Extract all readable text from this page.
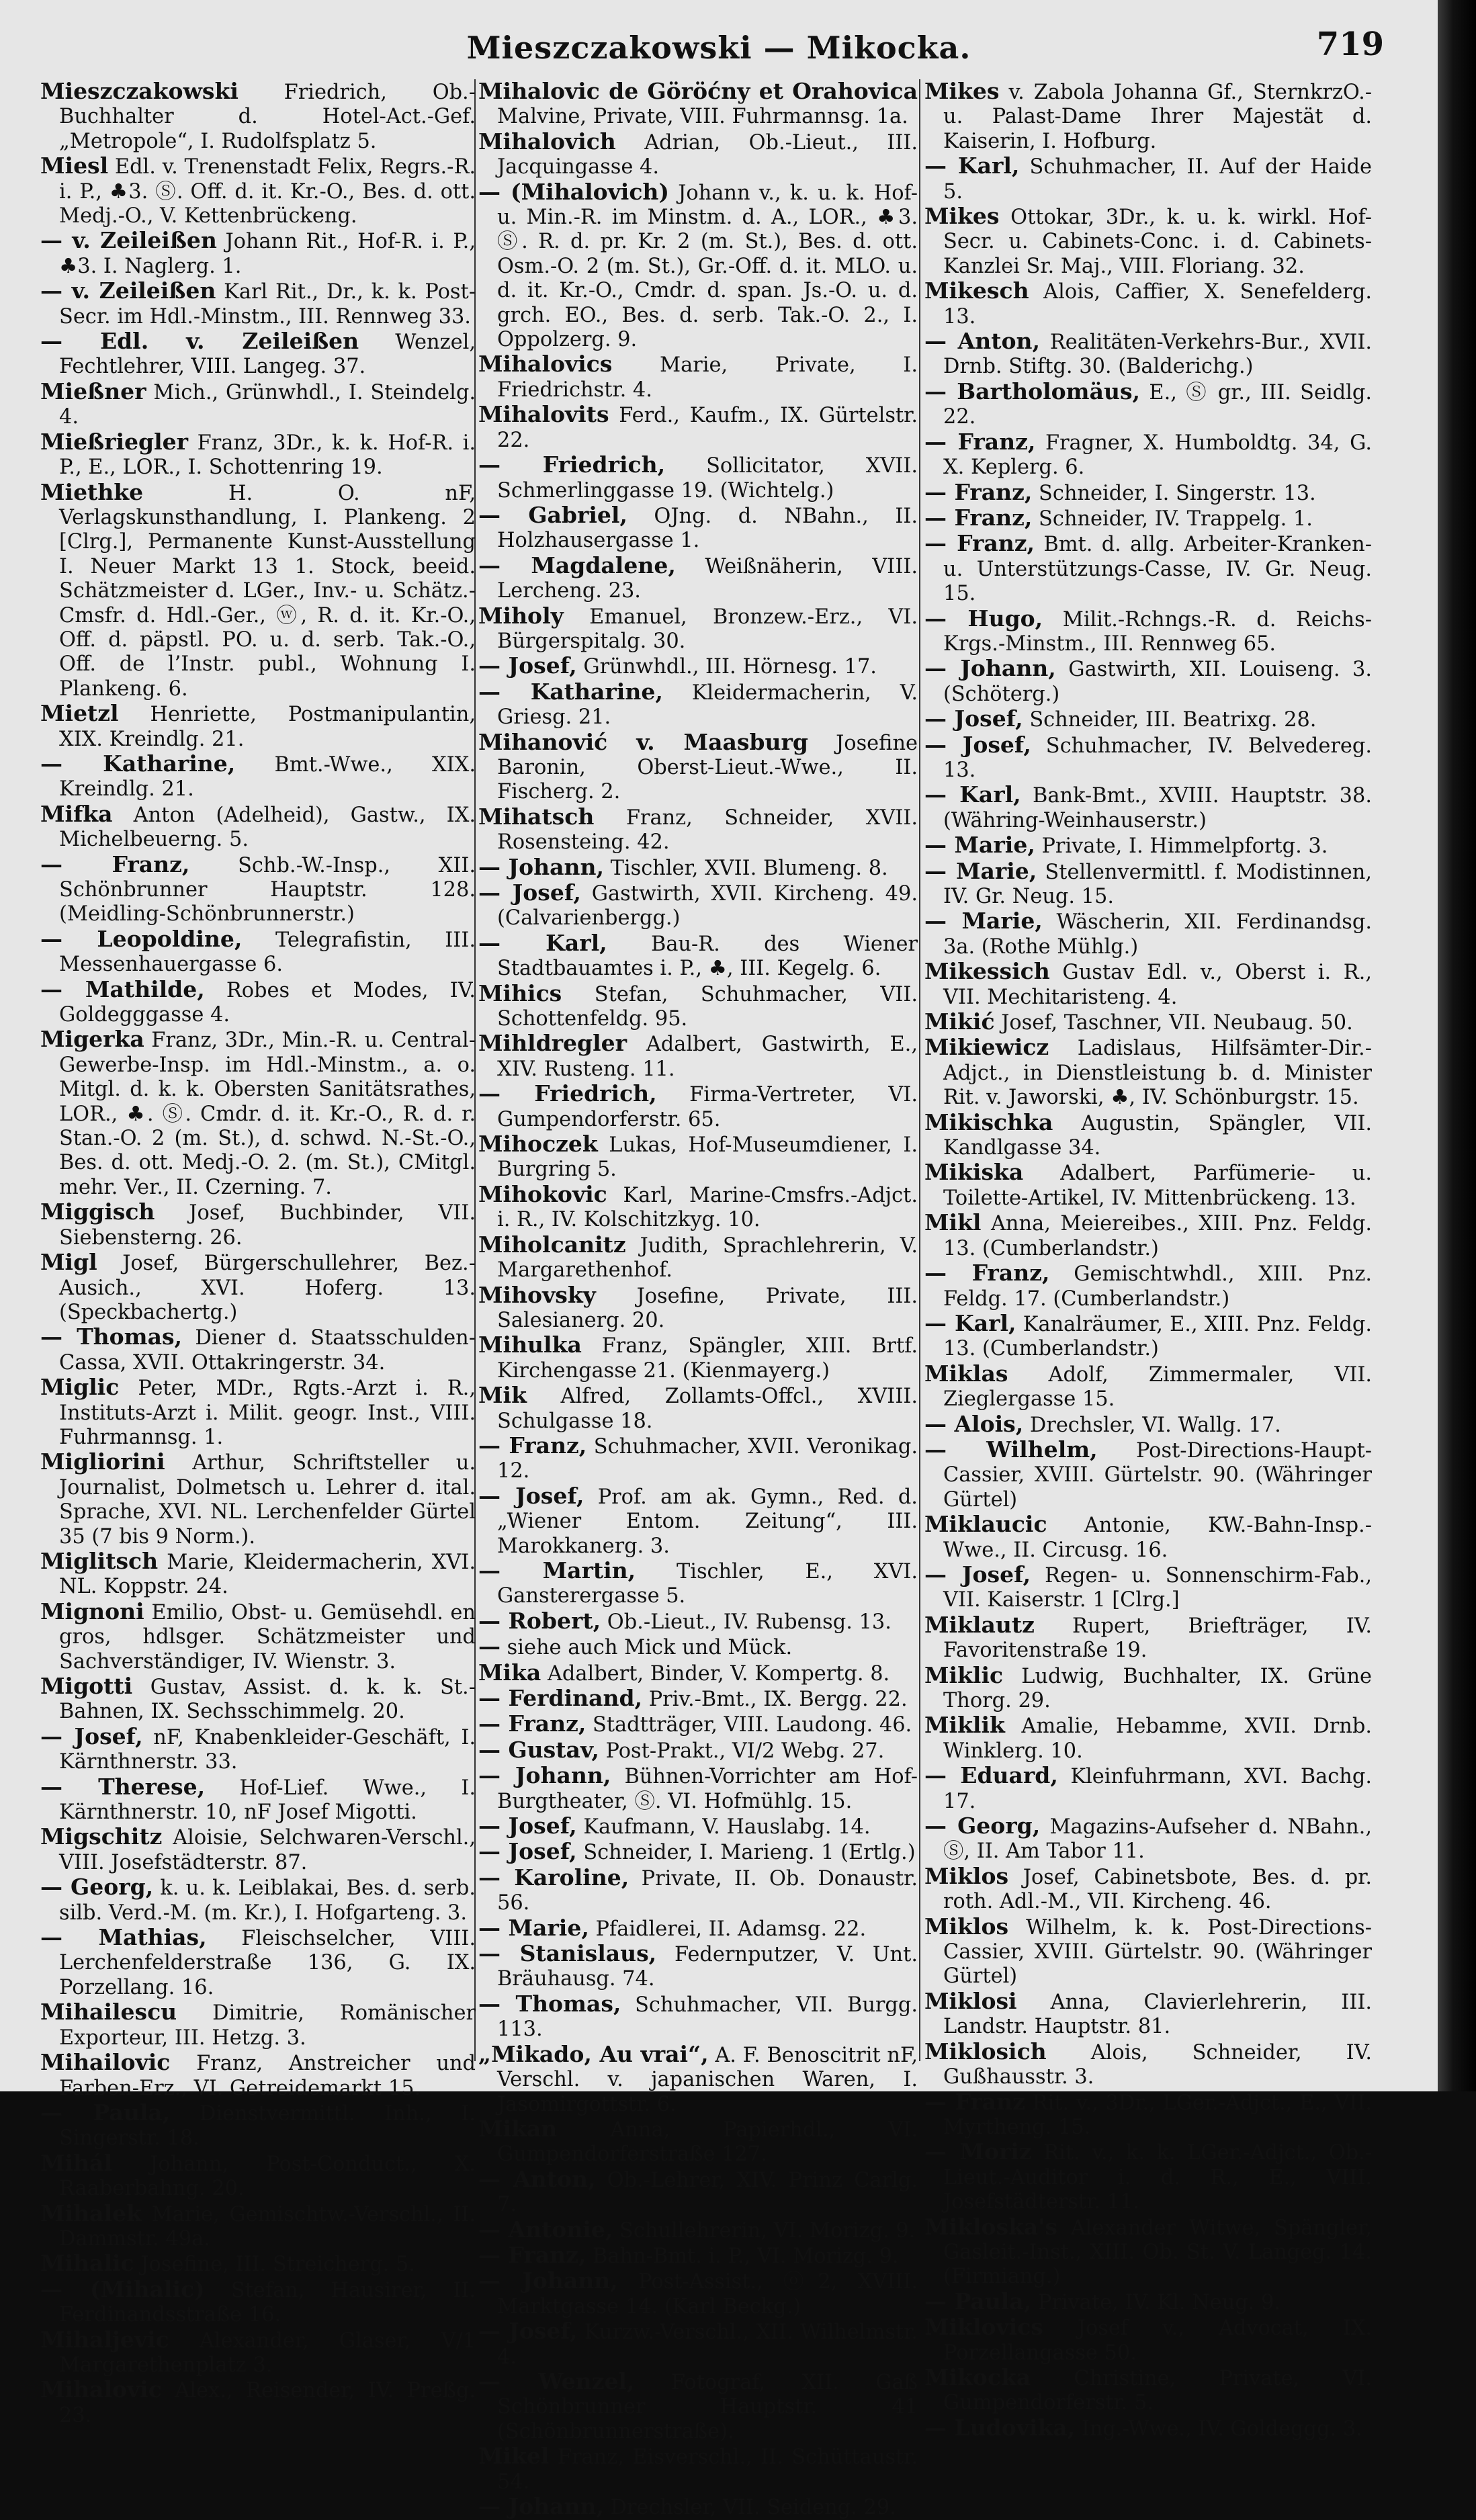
Mieszczakowski — Mikocka.	719

Mieszczakowski Friedrich, Ob.-Buchhalter d. Hotel-Act.-Gef. „Metropole“, I. Rudolfsplatz 5.

Miesl Edl. v. Trenenstadt Felix, Regrs.-R. i. P., ♣3. Ⓢ. Off. d. it. Kr.-O., Bes. d. ott. Medj.-O., V. Kettenbrückeng.

— v. Zeileißen Johann Rit., Hof-R. i. P., ♣3. I. Naglerg. 1.

— v. Zeileißen Karl Rit., Dr., k. k. Post-Secr. im Hdl.-Minstm., III. Rennweg 33.

— Edl. v. Zeileißen Wenzel, Fechtlehrer, VIII. Langeg. 37.

Mießner Mich., Grünwhdl., I. Steindelg. 4.

Mießriegler Franz, 3Dr., k. k. Hof-R. i. P., E., LOR., I. Schottenring 19.

Miethke	H. O. nF, Verlagskunsthandlung, I. Plankeng. 2 [Clrg.], Permanente Kunst-Ausstellung I. Neuer Markt 13 1. Stock, beeid. Schätzmeister d. LGer., Inv.- u. Schätz.-Cmsfr. d. Hdl.-Ger., ⓦ, R. d. it. Kr.-O., Off. d. päpstl. PO. u. d. serb. Tak.-O., Off. de l’Instr. publ., Wohnung I. Plankeng. 6.

Mietzl Henriette, Postmanipulantin, XIX. Kreindlg. 21.

— Katharine, Bmt.-Wwe., XIX. Kreindlg. 21.

Mifka Anton (Adelheid), Gastw., IX. Michelbeuerng. 5.

— Franz, Schb.-W.-Insp., XII. Schönbrunner Hauptstr. 128. (Meidling-Schönbrunnerstr.)

— Leopoldine, Telegrafistin, III. Messenhauergasse 6.

— Mathilde, Robes et Modes, IV. Goldegggasse 4.

Migerka Franz, 3Dr., Min.-R. u. Central-Gewerbe-Insp. im Hdl.-Minstm., a. o. Mitgl. d. k. k. Obersten Sanitätsrathes, LOR., ♣. Ⓢ. Cmdr. d. it. Kr.-O., R. d. r. Stan.-O. 2 (m. St.), d. schwd. N.-St.-O., Bes. d. ott. Medj.-O. 2. (m. St.), CMitgl. mehr. Ver., II. Czerning. 7.

Miggisch Josef, Buchbinder, VII. Siebensterng. 26.

Migl Josef, Bürgerschullehrer, Bez.-Ausich., XVI. Hoferg. 13. (Speckbachertg.)

— Thomas, Diener d. Staatsschulden-Cassa, XVII. Ottakringerstr. 34.

Miglic Peter, MDr., Rgts.-Arzt i. R., Instituts-Arzt i. Milit. geogr. Inst., VIII. Fuhrmannsg. 1.

Migliorini Arthur, Schriftsteller u. Journalist, Dolmetsch u. Lehrer d. ital. Sprache, XVI. NL. Lerchenfelder Gürtel 35 (7 bis 9 Norm.).

Miglitsch Marie, Kleidermacherin, XVI. NL. Koppstr. 24.

Mignoni Emilio, Obst- u. Gemüsehdl. en gros, hdlsger. Schätzmeister und Sachverständiger, IV. Wienstr. 3.

Migotti Gustav, Assist. d. k. k. St.-Bahnen, IX. Sechsschimmelg. 20.

— Josef, nF, Knabenkleider-Geschäft, I. Kärnthnerstr. 33.

— Therese, Hof-Lief. Wwe., I. Kärnthnerstr. 10, nF Josef Migotti.

Migschitz Aloisie, Selchwaren-Verschl., VIII. Josefstädterstr. 87.

— Georg, k. u. k. Leiblakai, Bes. d. serb. silb. Verd.-M. (m. Kr.), I. Hofgarteng. 3.

— Mathias, Fleischselcher, VIII. Lerchenfelderstraße 136, G. IX. Porzellang. 16.

Mihailescu Dimitrie, Romänischer Exporteur, III. Hetzg. 3.

Mihailovic Franz, Anstreicher und Farben-Erz., VI. Getreidemarkt 15.

— Paula, Dienstvermittl. Inh., I. Singerstr. 18.

Mihál Johann, Post-Conduct., X. Raaberbahng. 20.

Mihalek Marie, Gemischtw.-Verschl., II. Dammstr. 49a.

Mihalic Josefine, III. Streicherg. 5.

— (Mihalic) Stefan, Hausirer, II. Ferdinandsstraße 16.

Mihaljevic Alexander, Glaser, V/1 Margarethenplatz 3.

Mihalovic Alex., Reisender, IV. Preßg. 23.

Mihalovic de Göröćny et Orahovica Malvine, Private, VIII. Fuhrmannsg. 1a.

Mihalovich Adrian, Ob.-Lieut., III. Jacquingasse 4.

— (Mihalovich) Johann v., k. u. k. Hof- u. Min.-R. im Minstm. d. A., LOR., ♣3. Ⓢ. R. d. pr. Kr. 2 (m. St.), Bes. d. ott. Osm.-O. 2 (m. St.), Gr.-Off. d. it. MLO. u. d. it. Kr.-O., Cmdr. d. span. Js.-O. u. d. grch. EO., Bes. d. serb. Tak.-O. 2., I. Oppolzerg. 9.

Mihalovics Marie, Private, I. Friedrichstr. 4.

Mihalovits Ferd., Kaufm., IX. Gürtelstr. 22.

— Friedrich, Sollicitator, XVII. Schmerlinggasse 19. (Wichtelg.)

— Gabriel, OJng. d. NBahn., II. Holzhausergasse 1.

— Magdalene, Weißnäherin, VIII. Lercheng. 23.

Miholy Emanuel, Bronzew.-Erz., VI. Bürgerspitalg. 30.

— Josef, Grünwhdl., III. Hörnesg. 17.

— Katharine, Kleidermacherin, V. Griesg. 21.

Mihanović v. Maasburg Josefine Baronin, Oberst-Lieut.-Wwe., II. Fischerg. 2.

Mihatsch Franz, Schneider, XVII. Rosensteing. 42.

— Johann, Tischler, XVII. Blumeng. 8.

— Josef, Gastwirth, XVII. Kircheng. 49. (Calvarienbergg.)

— Karl, Bau-R. des Wiener Stadtbauamtes i. P., ♣, III. Kegelg. 6.

Mihics Stefan, Schuhmacher, VII. Schottenfeldg. 95.

Mihldregler Adalbert, Gastwirth, E., XIV. Rusteng. 11.

— Friedrich, Firma-Vertreter, VI. Gumpendorferstr. 65.

Mihoczek Lukas, Hof-Museumdiener, I. Burgring 5.

Mihokovic Karl, Marine-Cmsfrs.-Adjct. i. R., IV. Kolschitzkyg. 10.

Miholcanitz Judith, Sprachlehrerin, V. Margarethenhof.

Mihovsky Josefine, Private, III. Salesianerg. 20.

Mihulka Franz, Spängler, XIII. Brtf. Kirchengasse 21. (Kienmayerg.)

Mik Alfred, Zollamts-Offcl., XVIII. Schulgasse 18.

— Franz, Schuhmacher, XVII. Veronikag. 12.

— Josef, Prof. am ak. Gymn., Red. d. „Wiener Entom. Zeitung“, III. Marokkanerg. 3.

— Martin, Tischler, E., XVI. Gansterergasse 5.

— Robert, Ob.-Lieut., IV. Rubensg. 13.

— siehe auch Mick und Mück.

Mika Adalbert, Binder, V. Kompertg. 8.

— Ferdinand, Priv.-Bmt., IX. Bergg. 22.

— Franz, Stadtträger, VIII. Laudong. 46.

— Gustav, Post-Prakt., VI/2 Webg. 27.

— Johann, Bühnen-Vorrichter am Hof-Burgtheater, Ⓢ. VI. Hofmühlg. 15.

— Josef, Kaufmann, V. Hauslabg. 14.

— Josef, Schneider, I. Marieng. 1 (Ertlg.)

— Karoline, Private, II. Ob. Donaustr. 56.

— Marie, Pfaidlerei, II. Adamsg. 22.

— Stanislaus, Federnputzer, V. Unt. Bräuhausg. 74.

— Thomas, Schuhmacher, VII. Burgg. 113.

„Mikado, Au vrai“, A. F. Benoscitrit nF, Verschl. v. japanischen Waren, I. Jasomirgottstr. 6.

Mikan	Anna, Papierhdl., VI. Gumpendorferstraße 127.

— Anton, Ob.-Lehrer, XIV. Prinz Carlg. 7.

— Antonie, Schullehrerin, VI. Morizg. 9.

— Franz, Bahn-Bmt. i. P., VI. Morizg. 9.

— Johann, Post-Assist., ⓞ2, XVIII. Marktgasse 14. (Karl Beckg.)

— Josef, Kurzw.-Verschl., XII. Wilhelmstr. 4.

— Wenzel, Fotograf, XII. Gaß Schönbrunner Hauptstr. 41 (Schönbrunnerstraße).

Mikel Franz, Eisverschl., II. Schüttaustr. 54.

— Johann, Drechsler, VII. Seideng. 29.

Mikes v. Zabola Johanna Gf., SternkrzO.-u. Palast-Dame Ihrer Majestät d. Kaiserin, I. Hofburg.

— Karl, Schuhmacher, II. Auf der Haide 5.

Mikes Ottokar, 3Dr., k. u. k. wirkl. Hof-Secr. u. Cabinets-Conc. i. d. Cabinets-Kanzlei Sr. Maj., VIII. Floriang. 32.

Mikesch Alois, Caffier, X. Senefelderg. 13.

— Anton, Realitäten-Verkehrs-Bur., XVII. Drnb. Stiftg. 30. (Balderichg.)

— Bartholomäus, E., Ⓢ gr., III. Seidlg. 22.

— Franz, Fragner, X. Humboldtg. 34, G. X. Keplerg. 6.

— Franz, Schneider, I. Singerstr. 13.

— Franz, Schneider, IV. Trappelg. 1.

— Franz, Bmt. d. allg. Arbeiter-Kranken- u. Unterstützungs-Casse, IV. Gr. Neug. 15.

— Hugo, Milit.-Rchngs.-R. d. Reichs-Krgs.-Minstm., III. Rennweg 65.

— Johann, Gastwirth, XII. Louiseng. 3. (Schöterg.)

— Josef, Schneider, III. Beatrixg. 28.

— Josef, Schuhmacher, IV. Belvedereg. 13.

— Karl, Bank-Bmt., XVIII. Hauptstr. 38. (Währing-Weinhauserstr.)

— Marie, Private, I. Himmelpfortg. 3.

— Marie, Stellenvermittl. f. Modistinnen, IV. Gr. Neug. 15.

— Marie, Wäscherin, XII. Ferdinandsg. 3a. (Rothe Mühlg.)

Mikessich Gustav Edl. v., Oberst i. R., VII. Mechitaristeng. 4.

Mikić Josef, Taschner, VII. Neubaug. 50.

Mikiewicz Ladislaus, Hilfsämter-Dir.-Adjct., in Dienstleistung b. d. Minister Rit. v. Jaworski, ♣, IV. Schönburgstr. 15.

Mikischka Augustin, Spängler, VII. Kandlgasse 34.

Mikiska Adalbert, Parfümerie- u. Toilette-Artikel, IV. Mittenbrückeng. 13.

Mikl Anna, Meiereibes., XIII. Pnz. Feldg. 13. (Cumberlandstr.)

— Franz, Gemischtwhdl., XIII. Pnz. Feldg. 17. (Cumberlandstr.)

— Karl, Kanalräumer, E., XIII. Pnz. Feldg. 13. (Cumberlandstr.)

Miklas Adolf, Zimmermaler, VII. Zieglergasse 15.

— Alois, Drechsler, VI. Wallg. 17.

— Wilhelm, Post-Directions-Haupt-Cassier, XVIII. Gürtelstr. 90. (Währinger Gürtel)

Miklaucic Antonie, KW.-Bahn-Insp.-Wwe., II. Circusg. 16.

— Josef, Regen- u. Sonnenschirm-Fab., VII. Kaiserstr. 1 [Clrg.]

Miklautz Rupert, Briefträger, IV. Favoritenstraße 19.

Miklic Ludwig, Buchhalter, IX. Grüne Thorg. 29.

Miklik Amalie, Hebamme, XVII. Drnb. Winklerg. 10.

— Eduard, Kleinfuhrmann, XVI. Bachg. 17.

— Georg, Magazins-Aufseher d. NBahn., Ⓢ, II. Am Tabor 11.

Miklos Josef, Cabinetsbote, Bes. d. pr. roth. Adl.-M., VII. Kircheng. 46.

Miklos Wilhelm, k. k. Post-Directions-Cassier, XVIII. Gürtelstr. 90. (Währinger Gürtel)

Miklosi Anna, Clavierlehrerin, III. Landstr. Hauptstr. 81.

Miklosich Alois, Schneider, IV. Gußhausstr. 3.

— Franz Rit. v., 3Dr., LGer.-Adjct., E., VII. Myrtheng. 15.

— Moriz Rit. v., k. k. LGer.-Adjct., Ob.-Lieut.-Auditor i. d. R., E., VIII. Josefstädterstr. 11.

Mikloska's Alexander Witwe, Spängler, Gasleit.-Inst., XIII. Ob. St. V. Langeg. 14. (Firmiang.)

— Paula, Private, IV. Kl. Neug. 9.

Miklovics Josef v., Advocat, IX. Porzellangasse 50.

Mikocka Christine, Private, VI. Gumpendorferstr. 5.

— Ludovika, Ing.-Wwe., IV. Goldeggg. 3.
